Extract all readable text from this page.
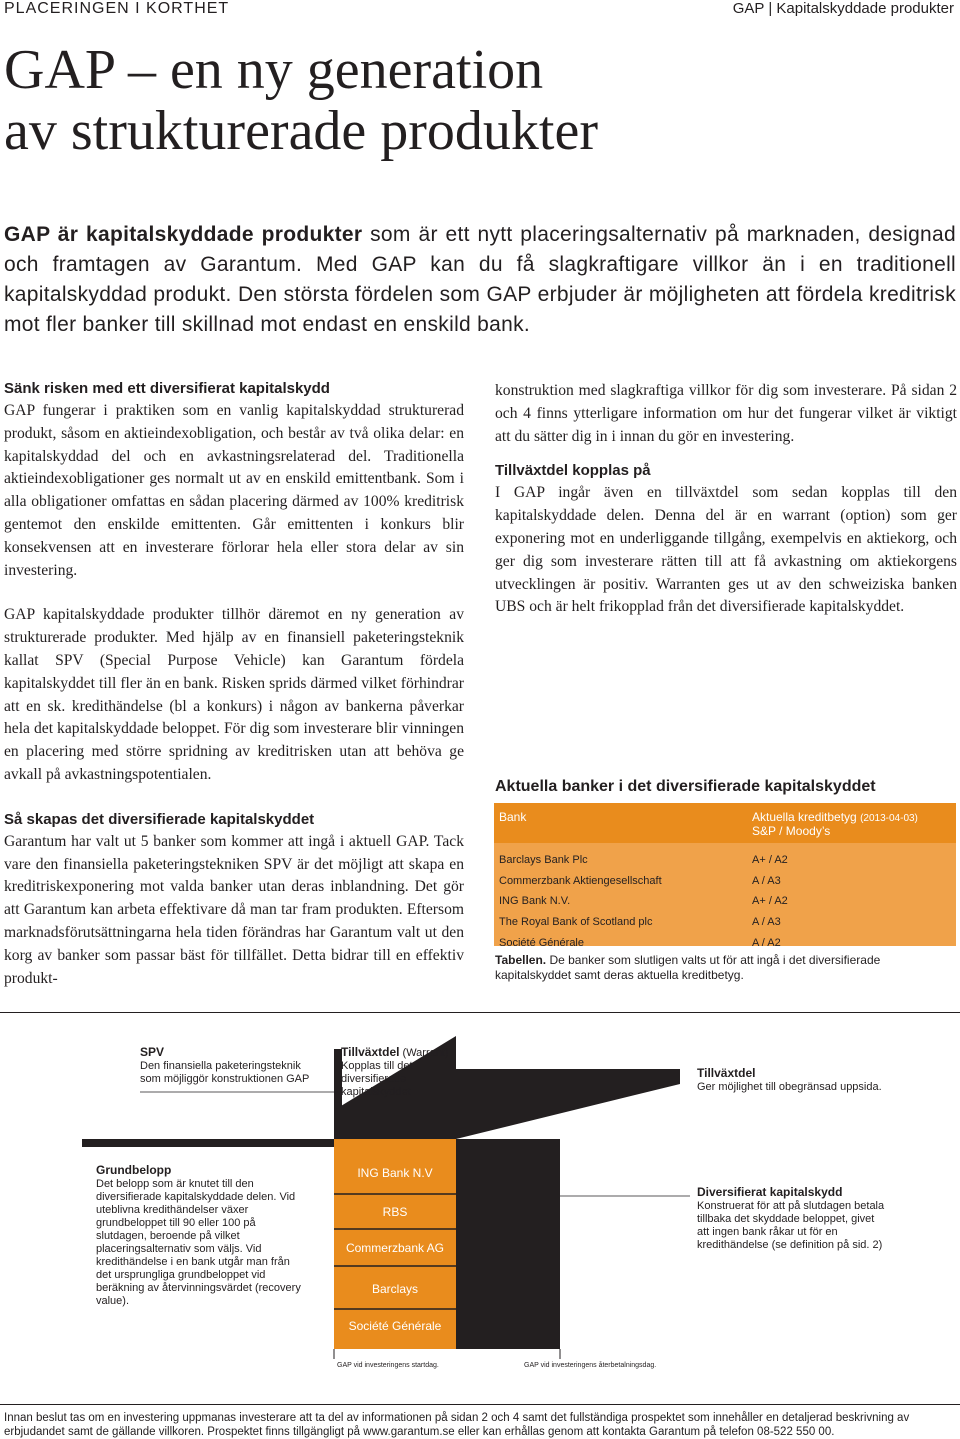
PLACERINGEN I KORTHET	GAP | Kapitalskyddade produkter
GAP – en ny generation
av strukturerade produkter
GAP är kapitalskyddade produkter som är ett nytt placeringsalternativ på marknaden, designad och framtagen av Garantum. Med GAP kan du få slagkraftigare villkor än i en traditionell kapitalskyddad produkt. Den största fördelen som GAP erbjuder är möjligheten att fördela kreditrisk mot fler banker till skillnad mot endast en enskild bank.
Sänk risken med ett diversifierat kapitalskydd

GAP fungerar i praktiken som en vanlig kapitalskyddad strukturerad produkt, såsom en aktieindexobligation, och består av två olika delar: en kapitalskyddad del och en avkastningsrelaterad del. Traditionella aktieindexobligationer ges normalt ut av en enskild emittentbank. Som i alla obligationer omfattas en sådan placering därmed av 100% kreditrisk gentemot den enskilde emittenten. Går emittenten i konkurs blir konsekvensen att en investerare förlorar hela eller stora delar av sin investering.

GAP kapitalskyddade produkter tillhör däremot en ny generation av strukturerade produkter. Med hjälp av en finansiell paketeringsteknik kallat SPV (Special Purpose Vehicle) kan Garantum fördela kapitalskyddet till fler än en bank. Risken sprids därmed vilket förhindrar att en sk. kredithändelse (bl a konkurs) i någon av bankerna påverkar hela det kapitalskyddade beloppet. För dig som investerare blir vinningen en placering med större spridning av kreditrisken utan att behöva ge avkall på avkastningspotentialen.

Så skapas det diversifierade kapitalskyddet

Garantum har valt ut 5 banker som kommer att ingå i aktuell GAP. Tack vare den finansiella paketeringstekniken SPV är det möjligt att skapa en kreditriskexponering mot valda banker utan deras inblandning. Det gör att Garantum kan arbeta effektivare då man tar fram produkten. Eftersom marknadsförutsättningarna hela tiden förändras har Garantum valt ut den korg av banker som passar bäst för tillfället. Detta bidrar till en effektiv produkt-

konstruktion med slagkraftiga villkor för dig som investerare. På sidan 2 och 4 finns ytterligare information om hur det fungerar vilket är viktigt att du sätter dig in i innan du gör en investering.

Tillväxtdel kopplas på

I GAP ingår även en tillväxtdel som sedan kopplas till den kapitalskyddade delen. Denna del är en warrant (option) som ger exponering mot en underliggande tillgång, exempelvis en aktiekorg, och ger dig som investerare rätten till att få avkastning om aktiekorgens utvecklingen är positiv. Warranten ges ut av den schweiziska banken UBS och är helt frikopplad från det diversifierade kapitalskyddet.

Aktuella banker i det diversifierade kapitalskyddet
Bank	Aktuella kreditbetyg (2013-04-03)
S&P / Moody’s
Barclays Bank Plc	A+ / A2
Commerzbank Aktiengesellschaft	A / A3
ING Bank N.V.	A+ / A2
The Royal Bank of Scotland plc	A / A3
Société Générale	A / A2
Tabellen. De banker som slutligen valts ut för att ingå i det diversifierade kapitalskyddet samt deras aktuella kreditbetyg.
SPV
Den finansiella paketeringsteknik som möjliggör konstruktionen GAP
Tillväxtdel (Warrant)
Kopplas till det diversifierade kapitalskyddet
Tillväxtdel
Ger möjlighet till obegränsad uppsida.
Grundbelopp
Det belopp som är knutet till den diversifierade kapitalskyddade delen. Vid uteblivna kredithändelser växer grundbeloppet till 90 eller 100 på slutdagen, beroende på vilket placeringsalternativ som väljs. Vid kredithändelse i en bank utgår man från det ursprungliga grundbeloppet vid beräkning av återvinningsvärdet (recovery value).
Diversifierat kapitalskydd
Konstruerat för att på slutdagen betala tillbaka det skyddade beloppet, givet att ingen bank råkar ut för en kredithändelse (se definition på sid. 2)
ING Bank N.V
RBS
Commerzbank AG
Barclays
Société Générale
GAP vid investeringens startdag.	GAP vid investeringens återbetalningsdag.
Innan beslut tas om en investering uppmanas investerare att ta del av informationen på sidan 2 och 4 samt det fullständiga prospektet som innehåller en detaljerad beskrivning av erbjudandet samt de gällande villkoren. Prospektet finns tillgängligt på www.garantum.se eller kan erhållas genom att kontakta Garantum på telefon 08-522 550 00.
